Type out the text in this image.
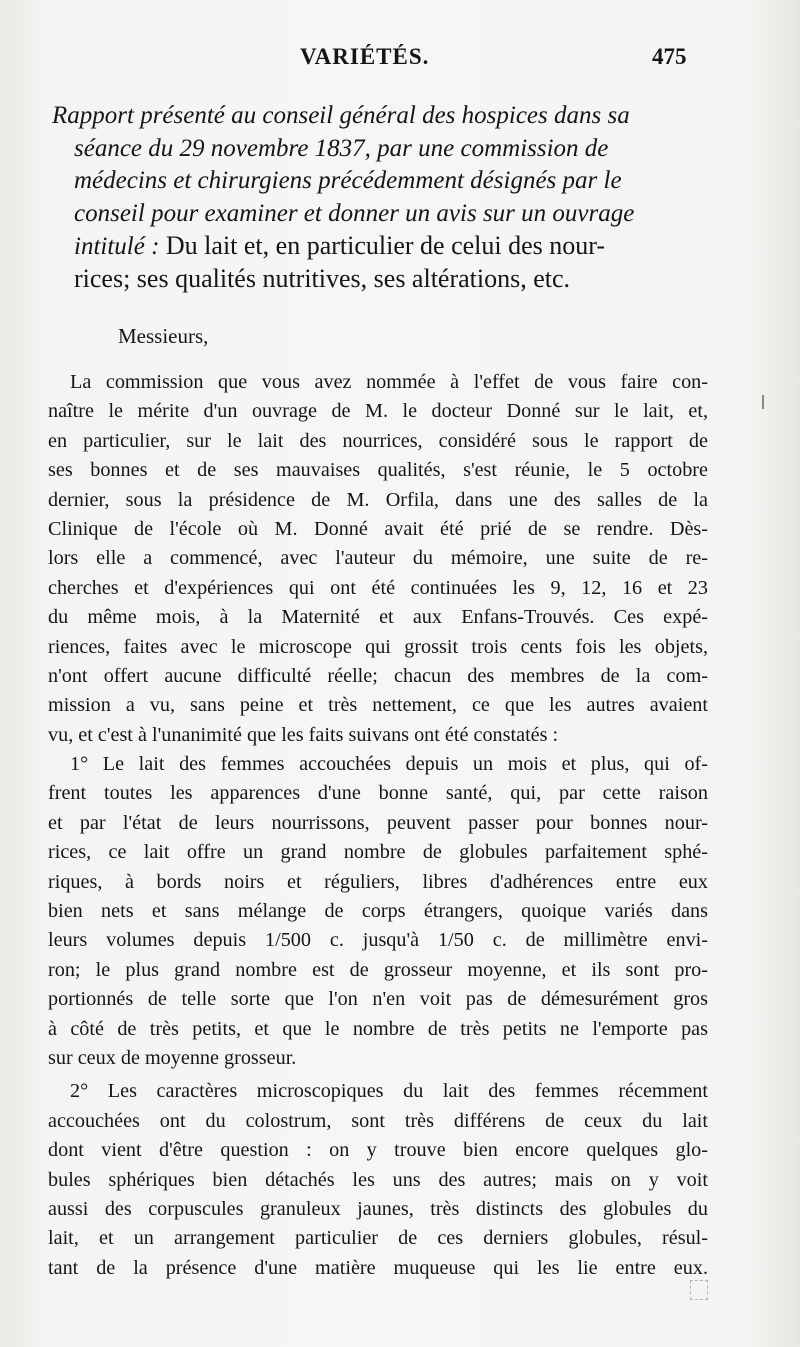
VARIÉTÉS.	475
Rapport présenté au conseil général des hospices dans sa
séance du 29 novembre 1837, par une commission de
médecins et chirurgiens précédemment désignés par le
conseil pour examiner et donner un avis sur un ouvrage
intitulé : Du lait et, en particulier de celui des nour-
rices; ses qualités nutritives, ses altérations, etc.
Messieurs,
La commission que vous avez nommée à l'effet de vous faire con-
naître le mérite d'un ouvrage de M. le docteur Donné sur le lait, et,
en particulier, sur le lait des nourrices, considéré sous le rapport de
ses bonnes et de ses mauvaises qualités, s'est réunie, le 5 octobre
dernier, sous la présidence de M. Orfila, dans une des salles de la
Clinique de l'école où M. Donné avait été prié de se rendre. Dès-
lors elle a commencé, avec l'auteur du mémoire, une suite de re-
cherches et d'expériences qui ont été continuées les 9, 12, 16 et 23
du même mois, à la Maternité et aux Enfans-Trouvés. Ces expé-
riences, faites avec le microscope qui grossit trois cents fois les objets,
n'ont offert aucune difficulté réelle; chacun des membres de la com-
mission a vu, sans peine et très nettement, ce que les autres avaient
vu, et c'est à l'unanimité que les faits suivans ont été constatés :
1° Le lait des femmes accouchées depuis un mois et plus, qui of-
frent toutes les apparences d'une bonne santé, qui, par cette raison
et par l'état de leurs nourrissons, peuvent passer pour bonnes nour-
rices, ce lait offre un grand nombre de globules parfaitement sphé-
riques, à bords noirs et réguliers, libres d'adhérences entre eux
bien nets et sans mélange de corps étrangers, quoique variés dans
leurs volumes depuis 1/500 c. jusqu'à 1/50 c. de millimètre envi-
ron; le plus grand nombre est de grosseur moyenne, et ils sont pro-
portionnés de telle sorte que l'on n'en voit pas de démesurément gros
à côté de très petits, et que le nombre de très petits ne l'emporte pas
sur ceux de moyenne grosseur.
2° Les caractères microscopiques du lait des femmes récemment
accouchées ont du colostrum, sont très différens de ceux du lait
dont vient d'être question : on y trouve bien encore quelques glo-
bules sphériques bien détachés les uns des autres; mais on y voit
aussi des corpuscules granuleux jaunes, très distincts des globules du
lait, et un arrangement particulier de ces derniers globules, résul-
tant de la présence d'une matière muqueuse qui les lie entre eux.
